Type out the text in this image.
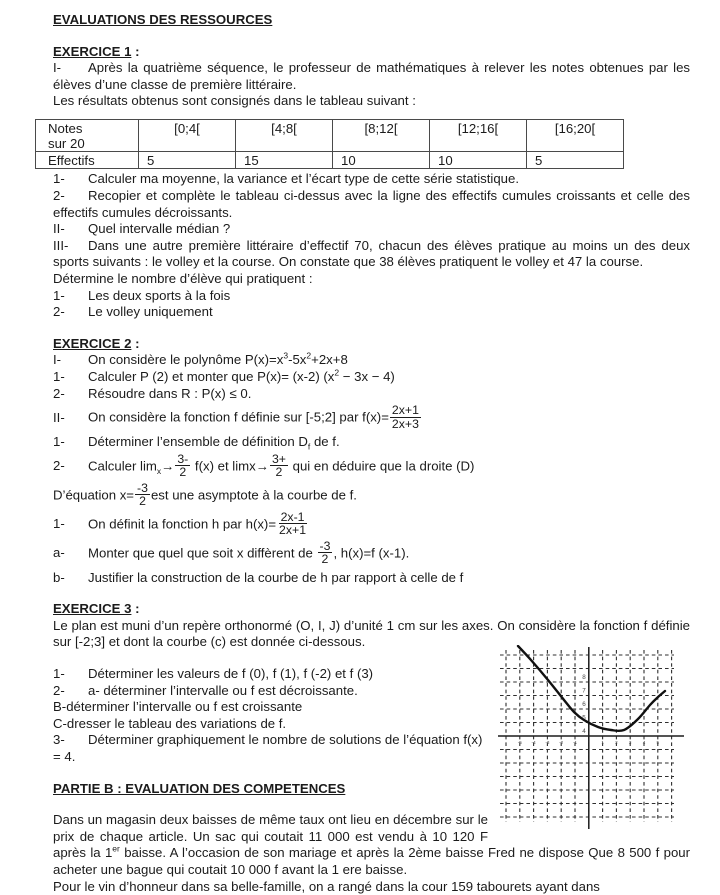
EVALUATIONS DES RESSOURCES
EXERCICE 1 :

I- Après la quatrième séquence, le professeur de mathématiques à relever les notes obtenues par les élèves d’une classe de première littéraire.

Les résultats obtenus sont consignés dans le tableau suivant :

Notes
sur 20	[0;4[	[4;8[	[8;12[	[12;16[	[16;20[
Effectifs	5	15	10	10	5

1- Calculer ma moyenne, la variance et l’écart type de cette série statistique.

2- Recopier et complète le tableau ci-dessus avec la ligne des effectifs cumules croissants et celle des effectifs cumules décroissants.

II- Quel intervalle médian ?

III- Dans une autre première littéraire d’effectif 70, chacun des élèves pratique au moins un des deux sports suivants : le volley et la course. On constate que 38 élèves pratiquent le volley et 47 la course.

Détermine le nombre d’élève qui pratiquent :

1- Les deux sports à la fois

2- Le volley uniquement

EXERCICE 2 :

I- On considère le polynôme $P(x)=x^3-5x^2+2x+8$

1- Calculer P (2) et monter que P(x)= (x-2) $(x^2 - 3x - 4)$

2- Résoudre dans R : P(x) ≤ 0.

II- On considère la fonction f définie sur [-5;2] par $f(x)= \frac{2x+1}{2x+3}$

1- Déterminer l’ensemble de définition $D_f$ de f.

2- Calculer $\lim_x\to \frac{3-}{2} f(x)$ et $\lim x\to \frac{3+}{2}$ qui en déduire que la droite (D)

D’équation $x= \frac{-3}{2}$ est une asymptote à la courbe de f.

1- On définit la fonction h par $h(x)= \frac{2x-1}{2x+1}$

a- Monter que quel que soit x diffèrent de $\frac{-3}{2}$ , h(x)=f (x-1).

b- Justifier la construction de la courbe de h par rapport à celle de f

EXERCICE 3 :

Le plan est muni d’un repère orthonormé (O, I, J) d’unité 1 cm sur les axes. On considère la fonction f définie sur [-2;3] et dont la courbe (c) est donnée ci-dessous.

8
7
6
5
4
-5 -4 -3 -2 -1	1 2 3 4 5

1- Déterminer les valeurs de f (0), f (1), f (-2) et f (3)

2- a- déterminer l’intervalle ou f est décroissante.

B-déterminer l’intervalle ou f est croissante

C-dresser le tableau des variations de f.

3- Déterminer graphiquement le nombre de solutions de l’équation f(x) = 4.

PARTIE B : EVALUATION DES COMPETENCES

Dans un magasin deux baisses de même taux ont lieu en décembre sur le prix de chaque article. Un sac qui coutait 11 000 est vendu à 10 120 F après la 1er baisse. A l’occasion de son mariage et après la 2ème baisse Fred ne dispose Que 8 500 f pour acheter une bague qui coutait 10 000 f avant la 1 ere baisse.

Pour le vin d’honneur dans sa belle-famille, on a rangé dans la cour 159 tabourets ayant dans
